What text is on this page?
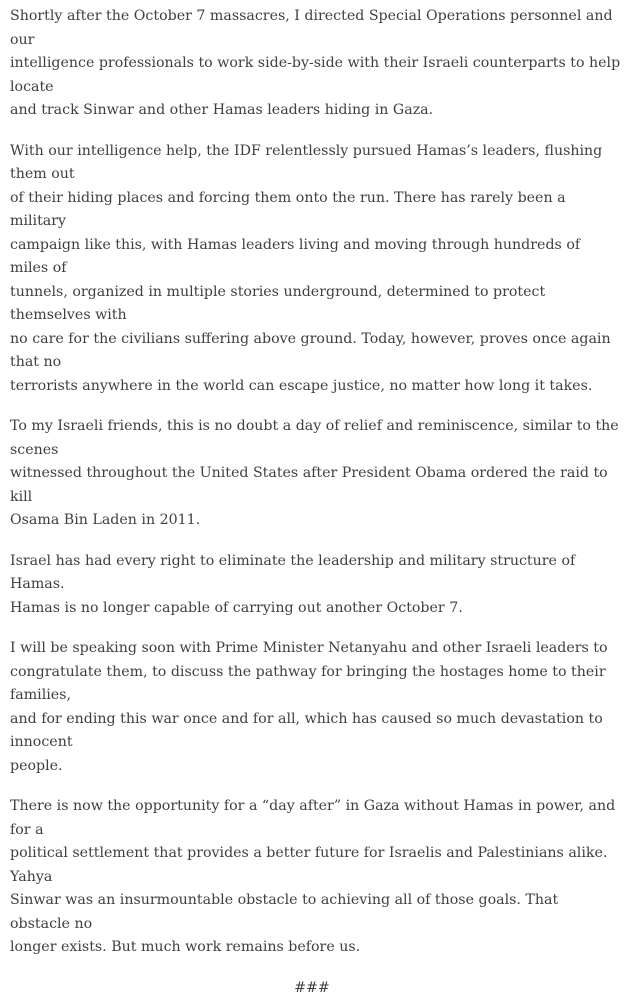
Shortly after the October 7 massacres, I directed Special Operations personnel and our
intelligence professionals to work side-by-side with their Israeli counterparts to help locate
and track Sinwar and other Hamas leaders hiding in Gaza.

With our intelligence help, the IDF relentlessly pursued Hamas’s leaders, flushing them out
of their hiding places and forcing them onto the run. There has rarely been a military
campaign like this, with Hamas leaders living and moving through hundreds of miles of
tunnels, organized in multiple stories underground, determined to protect themselves with
no care for the civilians suffering above ground. Today, however, proves once again that no
terrorists anywhere in the world can escape justice, no matter how long it takes.

To my Israeli friends, this is no doubt a day of relief and reminiscence, similar to the scenes
witnessed throughout the United States after President Obama ordered the raid to kill
Osama Bin Laden in 2011.

Israel has had every right to eliminate the leadership and military structure of Hamas.
Hamas is no longer capable of carrying out another October 7.

I will be speaking soon with Prime Minister Netanyahu and other Israeli leaders to
congratulate them, to discuss the pathway for bringing the hostages home to their families,
and for ending this war once and for all, which has caused so much devastation to innocent
people.

There is now the opportunity for a “day after” in Gaza without Hamas in power, and for a
political settlement that provides a better future for Israelis and Palestinians alike. Yahya
Sinwar was an insurmountable obstacle to achieving all of those goals. That obstacle no
longer exists. But much work remains before us.

###
